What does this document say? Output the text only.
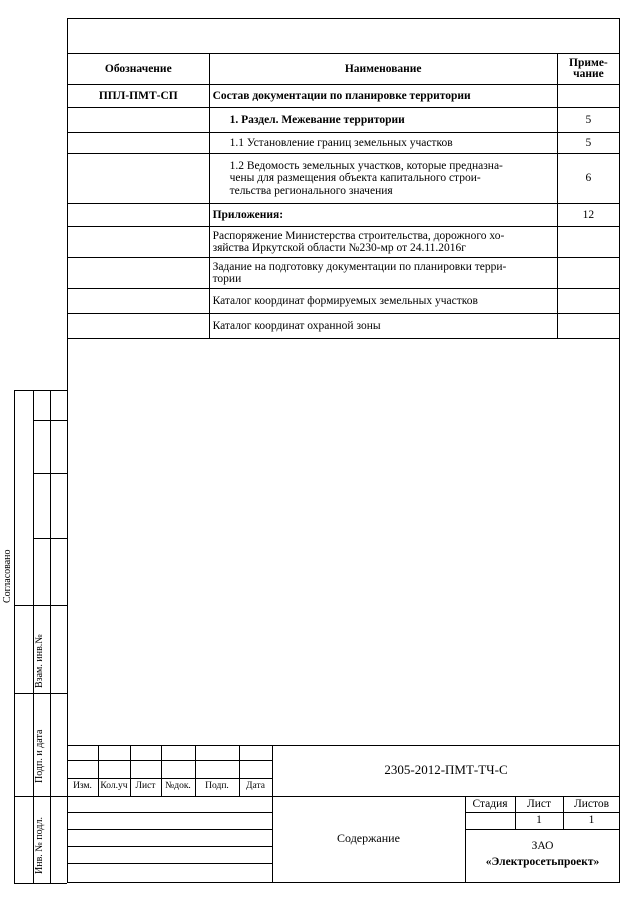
Обозначение	Наименование	Приме-
чание
ППЛ-ПМТ-СП	Состав документации по планировке территории	
	1. Раздел. Межевание территории	5
	1.1 Установление границ земельных участков	5
	1.2 Ведомость земельных участков, которые предназна-
чены для размещения объекта капитального строи-
тельства регионального значения	6
	Приложения:	12
	Распоряжение Министерства строительства, дорожного хо-
зяйства Иркутской области №230-мр от 24.11.2016г	
	Задание на подготовку документации по планировки терри-
тории	
	Каталог координат формируемых земельных участков	
	Каталог координат охранной зоны	
Согласовано
Взам. инв.№
Подп. и дата
Инв. № подл.
Изм. Кол.уч Лист	№док.	Подп.	Дата
2305-2012-ПМТ-ТЧ-С
Содержание
Стадия	Лист	Листов
1	1
ЗАО
«Электросетьпроект»
